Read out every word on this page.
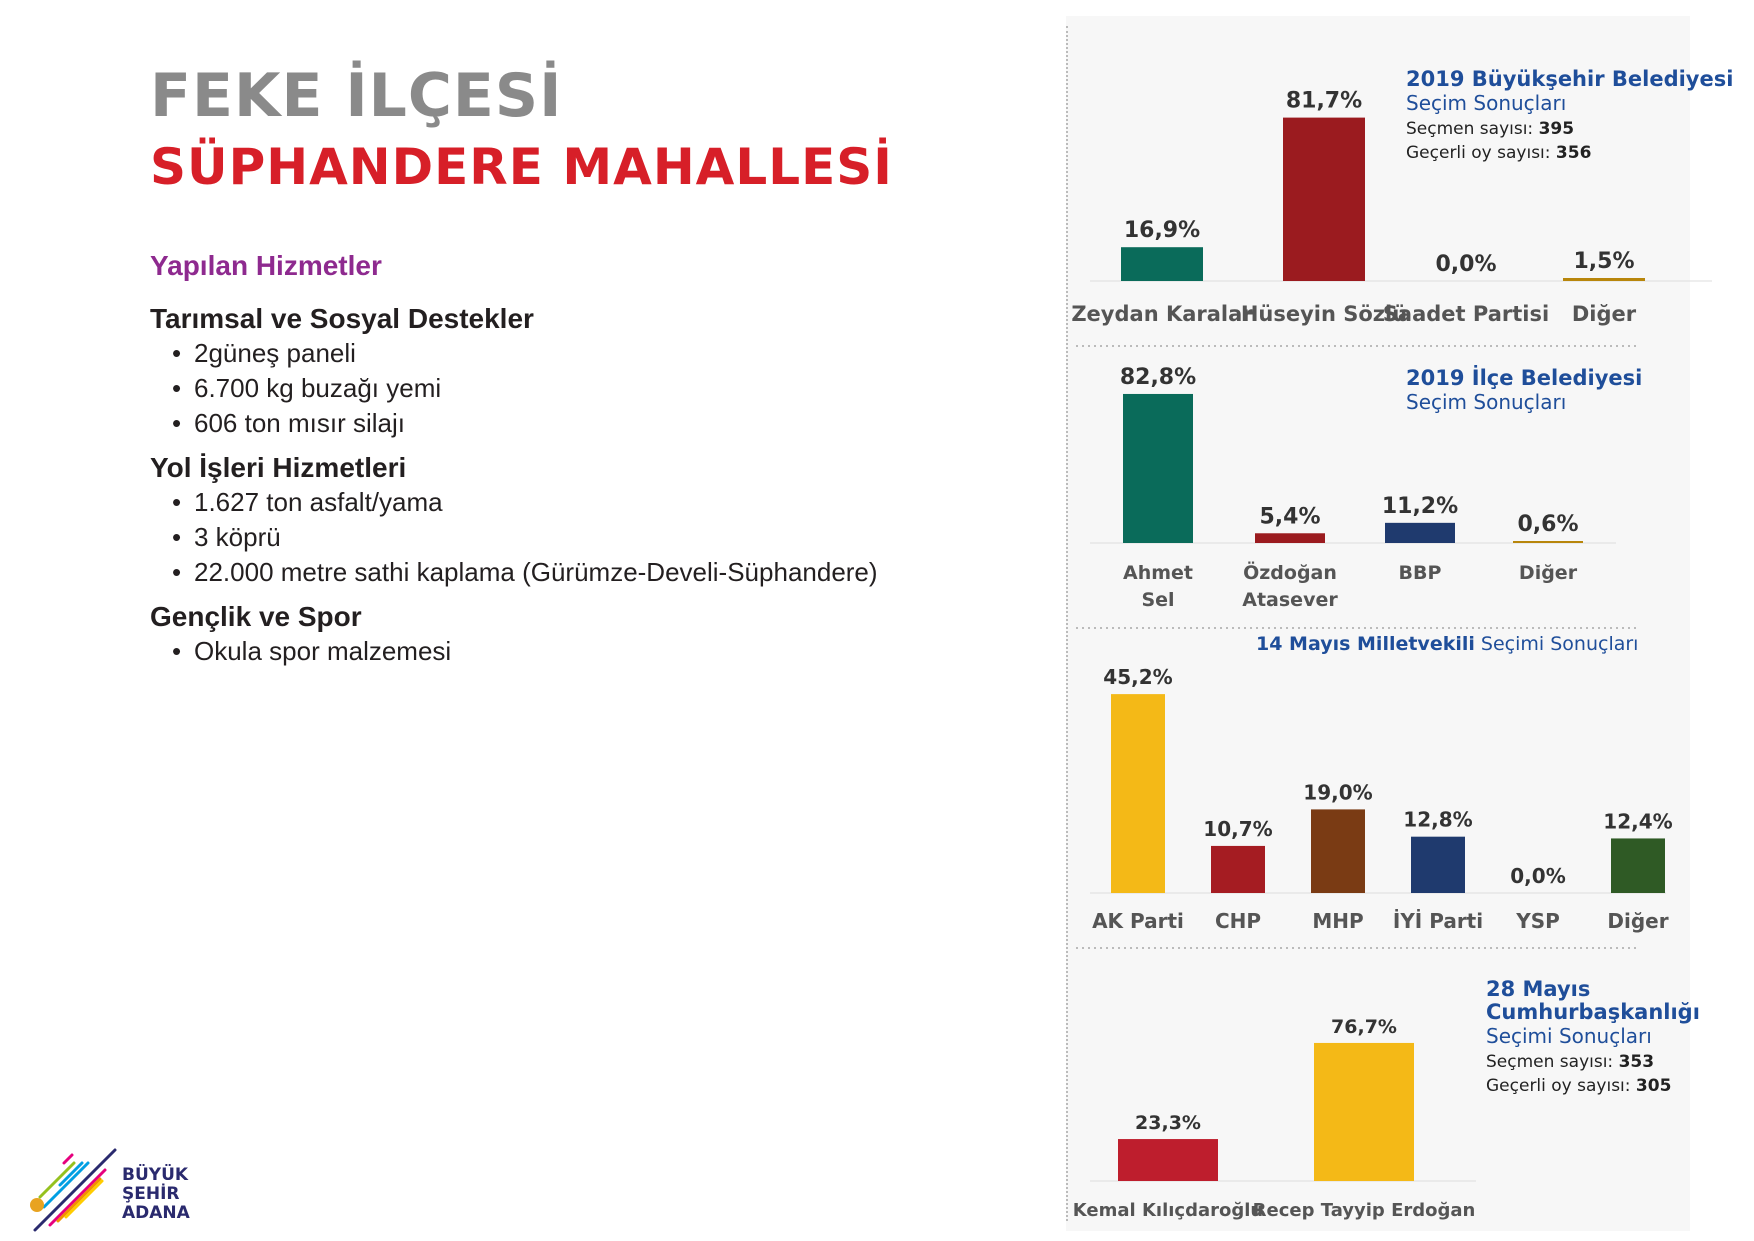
FEKE İLÇESİ
SÜPHANDERE MAHALLESİ
Yapılan Hizmetler

Tarımsal ve Sosyal Destekler

• 2güneş paneli
• 6.700 kg buzağı yemi
• 606 ton mısır silajı

Yol İşleri Hizmetleri

• 1.627 ton asfalt/yama
• 3 köprü
• 22.000 metre sathi kaplama (Gürümze-Develi-Süphandere)

Gençlik ve Spor

• Okula spor malzemesi
BÜYÜK
ŞEHİR
ADANA
16,9%
Zeydan Karalar
81,7%
Hüseyin Sözlü
0,0%
Saadet Partisi
1,5%
Diğer
2019 Büyükşehir Belediyesi
Seçim Sonuçları
Seçmen sayısı: 395
Geçerli oy sayısı: 356
82,8%
Ahmet
Sel
5,4%
Özdoğan
Atasever
11,2%
BBP
0,6%
Diğer
2019 İlçe Belediyesi
Seçim Sonuçları
45,2%
AK Parti
10,7%
CHP
19,0%
MHP
12,8%
İYİ Parti
0,0%
YSP
12,4%
Diğer
14 Mayıs Milletvekili Seçimi Sonuçları
23,3%
Kemal Kılıçdaroğlu
76,7%
Recep Tayyip Erdoğan
28 Mayıs
Cumhurbaşkanlığı
Seçimi Sonuçları
Seçmen sayısı: 353
Geçerli oy sayısı: 305
